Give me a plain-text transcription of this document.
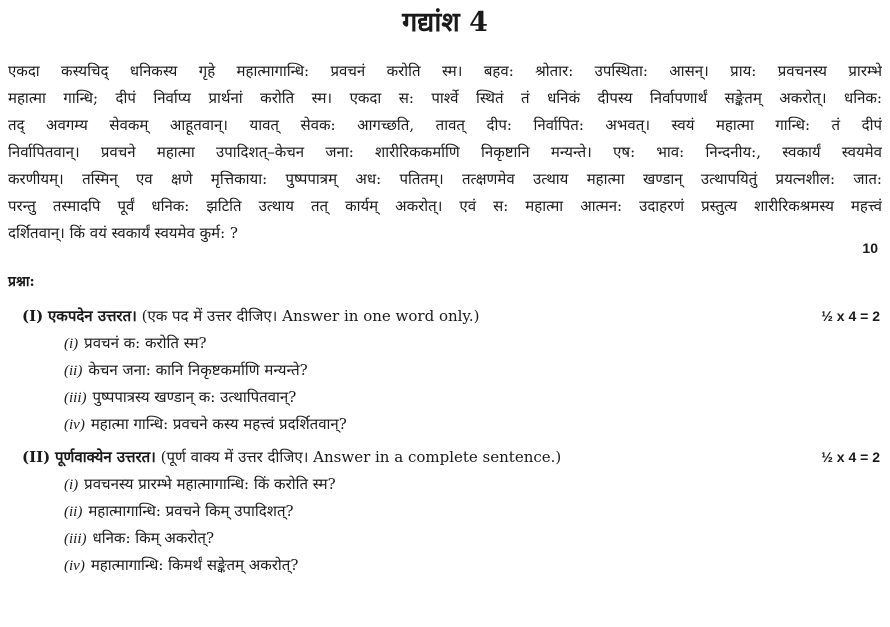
गद्यांश 4
एकदा कस्यचिद् धनिकस्य गृहे महात्मागान्धि: प्रवचनं करोति स्म। बहव: श्रोतार: उपस्थिता: आसन्। प्राय: प्रवचनस्य प्रारम्भे
महात्मा गान्धि; दीपं निर्वाप्य प्रार्थनां करोति स्म। एकदा स: पार्श्वे स्थितं तं धनिकं दीपस्य निर्वापणार्थं सङ्केतम् अकरोत्। धनिक:
तद् अवगम्य सेवकम् आहूतवान्। यावत् सेवक: आगच्छति, तावत् दीप: निर्वापित: अभवत्। स्वयं महात्मा गान्धि: तं दीपं
निर्वापितवान्। प्रवचने महात्मा उपादिशत्–केचन जना: शारीरिककर्माणि निकृष्टानि मन्यन्ते। एष: भाव: निन्दनीय:, स्वकार्यं स्वयमेव
करणीयम्। तस्मिन् एव क्षणे मृत्तिकाया: पुष्पपात्रम् अध: पतितम्। तत्क्षणमेव उत्थाय महात्मा खण्डान् उत्थापयितुं प्रयत्नशील: जात:
परन्तु तस्मादपि पूर्वं धनिक: झटिति उत्थाय तत् कार्यम् अकरोत्। एवं स: महात्मा आत्मन: उदाहरणं प्रस्तुत्य शारीरिकश्रमस्य महत्त्वं
दर्शितवान्। किं वयं स्वकार्यं स्वयमेव कुर्म: ?
10
प्रश्ना:
(I) एकपदेन उत्तरत। (एक पद में उत्तर दीजिए। Answer in one word only.)	½ x 4 = 2
(i) प्रवचनं क: करोति स्म?
(ii) केचन जना: कानि निकृष्टकर्माणि मन्यन्ते?
(iii) पुष्पपात्रस्य खण्डान् क: उत्थापितवान्?
(iv) महात्मा गान्धि: प्रवचने कस्य महत्त्वं प्रदर्शितवान्?
(II) पूर्णवाक्येन उत्तरत। (पूर्ण वाक्य में उत्तर दीजिए। Answer in a complete sentence.)	½ x 4 = 2
(i) प्रवचनस्य प्रारम्भे महात्मागान्धि: किं करोति स्म?
(ii) महात्मागान्धि: प्रवचने किम् उपादिशत्?
(iii) धनिक: किम् अकरोत्?
(iv) महात्मागान्धि: किमर्थं सङ्केतम् अकरोत्?
